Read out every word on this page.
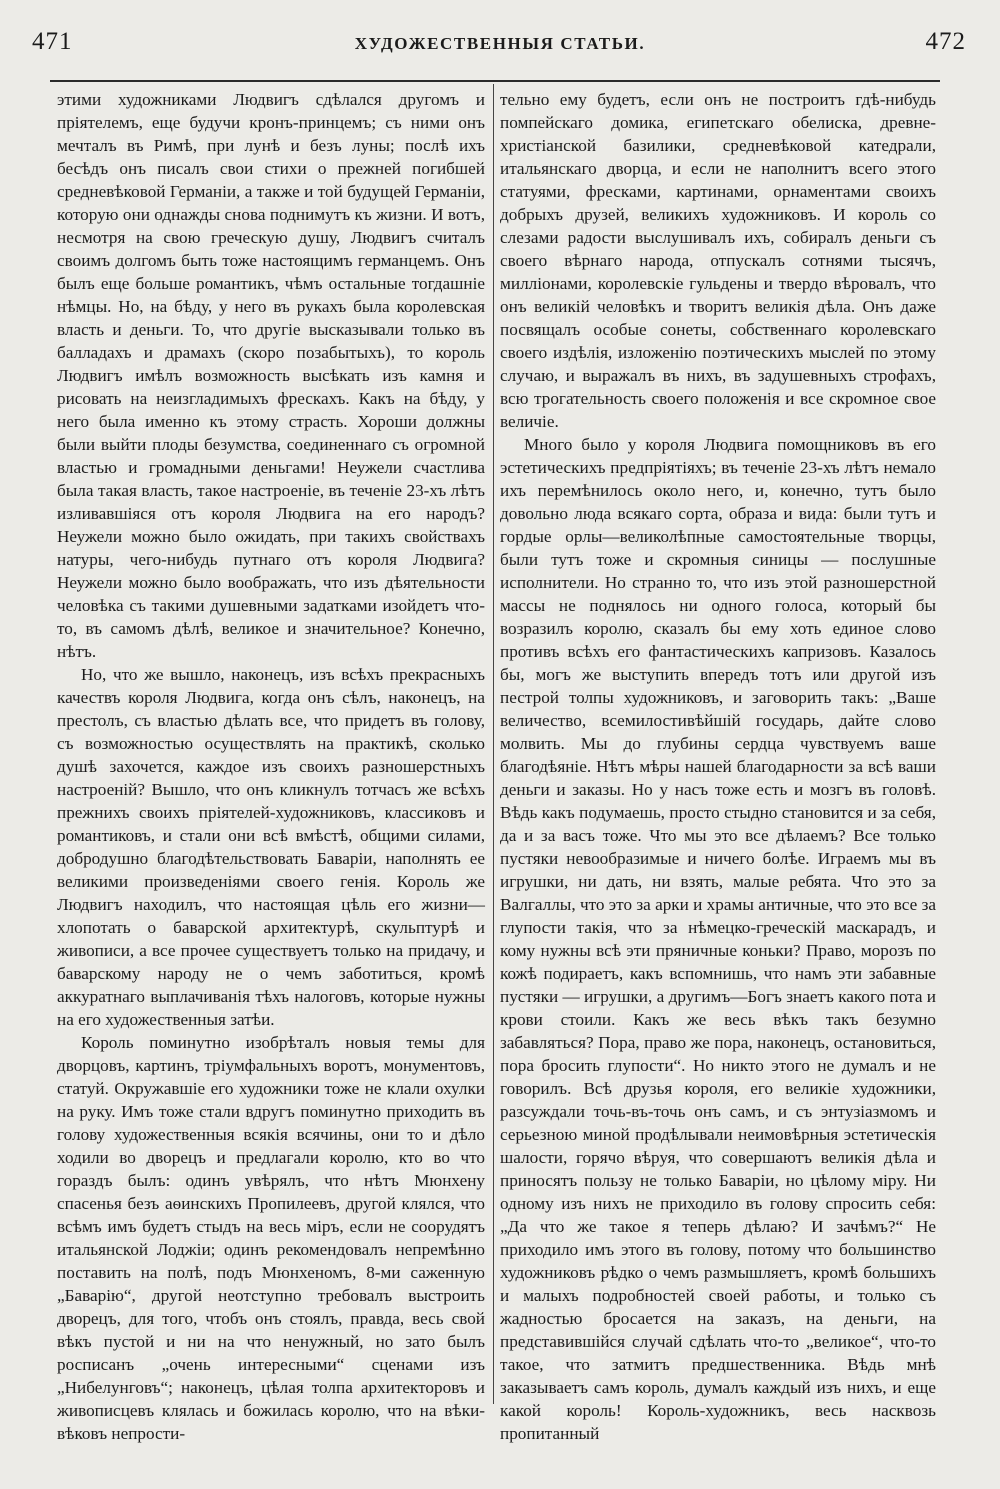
471	ХУДОЖЕСТВЕННЫЯ СТАТЬИ.	472

этими художниками Людвигъ сдѣлался другомъ и пріятелемъ, еще будучи кронъ-принцемъ; съ ними онъ мечталъ въ Римѣ, при лунѣ и безъ луны; послѣ ихъ бесѣдъ онъ писалъ свои стихи о прежней погибшей средневѣковой Германіи, а также и той будущей Германіи, которую они однажды снова поднимутъ къ жизни. И вотъ, несмотря на свою греческую душу, Людвигъ считалъ своимъ долгомъ быть тоже настоящимъ германцемъ. Онъ былъ еще больше романтикъ, чѣмъ остальные тогдашніе нѣмцы. Но, на бѣду, у него въ рукахъ была королевская власть и деньги. То, что другіе высказывали только въ балладахъ и драмахъ (скоро позабытыхъ), то король Людвигъ имѣлъ возможность высѣкать изъ камня и рисовать на неизгладимыхъ фрескахъ. Какъ на бѣду, у него была именно къ этому страсть. Хороши должны были выйти плоды безумства, соединеннаго съ огромной властью и громадными деньгами! Неужели счастлива была такая власть, такое настроеніе, въ теченіе 23-хъ лѣтъ изливавшіяся отъ короля Людвига на его народъ? Неужели можно было ожидать, при такихъ свойствахъ натуры, чего-нибудь путнаго отъ короля Людвига? Неужели можно было воображать, что изъ дѣятельности человѣка съ такими душевными задатками изойдетъ что-то, въ самомъ дѣлѣ, великое и значительное? Конечно, нѣтъ.

Но, что же вышло, наконецъ, изъ всѣхъ прекрасныхъ качествъ короля Людвига, когда онъ сѣлъ, наконецъ, на престолъ, съ властью дѣлать все, что придетъ въ голову, съ возможностью осуществлять на практикѣ, сколько душѣ захочется, каждое изъ своихъ разношерстныхъ настроеній? Вышло, что онъ кликнулъ тотчасъ же всѣхъ прежнихъ своихъ пріятелей-художниковъ, классиковъ и романтиковъ, и стали они всѣ вмѣстѣ, общими силами, добродушно благодѣтельствовать Баваріи, наполнять ее великими произведеніями своего генія. Король же Людвигъ находилъ, что настоящая цѣль его жизни—хлопотать о баварской архитектурѣ, скульптурѣ и живописи, а все прочее существуетъ только на придачу, и баварскому народу не о чемъ заботиться, кромѣ аккуратнаго выплачиванія тѣхъ налоговъ, которые нужны на его художественныя затѣи.

Король поминутно изобрѣталъ новыя темы для дворцовъ, картинъ, тріумфальныхъ воротъ, монументовъ, статуй. Окружавшіе его художники тоже не клали охулки на руку. Имъ тоже стали вдругъ поминутно приходить въ голову художественныя всякія всячины, они то и дѣло ходили во дворецъ и предлагали королю, кто во что гораздъ былъ: одинъ увѣрялъ, что нѣтъ Мюнхену спасенья безъ аѳинскихъ Пропилеевъ, другой клялся, что всѣмъ имъ будетъ стыдъ на весь міръ, если не соорудятъ итальянской Лоджіи; одинъ рекомендовалъ непремѣнно поставить на полѣ, подъ Мюнхеномъ, 8-ми саженную „Баварію“, другой неотступно требовалъ выстроить дворецъ, для того, чтобъ онъ стоялъ, правда, весь свой вѣкъ пустой и ни на что ненужный, но зато былъ росписанъ „очень интересными“ сценами изъ „Нибелунговъ“; наконецъ, цѣлая толпа архитекторовъ и живописцевъ клялась и божилась королю, что на вѣки-вѣковъ непрости-

тельно ему будетъ, если онъ не построитъ гдѣ-нибудь помпейскаго домика, египетскаго обелиска, древне-христіанской базилики, средневѣковой катедрали, итальянскаго дворца, и если не наполнитъ всего этого статуями, фресками, картинами, орнаментами своихъ добрыхъ друзей, великихъ художниковъ. И король со слезами радости выслушивалъ ихъ, собиралъ деньги съ своего вѣрнаго народа, отпускалъ сотнями тысячъ, милліонами, королевскіе гульдены и твердо вѣровалъ, что онъ великій человѣкъ и творитъ великія дѣла. Онъ даже посвящалъ особые сонеты, собственнаго королевскаго своего издѣлія, изложенію поэтическихъ мыслей по этому случаю, и выражалъ въ нихъ, въ задушевныхъ строфахъ, всю трогательность своего положенія и все скромное свое величіе.

Много было у короля Людвига помощниковъ въ его эстетическихъ предпріятіяхъ; въ теченіе 23-хъ лѣтъ немало ихъ перемѣнилось около него, и, конечно, тутъ было довольно люда всякаго сорта, образа и вида: были тутъ и гордые орлы—великолѣпные самостоятельные творцы, были тутъ тоже и скромныя синицы — послушные исполнители. Но странно то, что изъ этой разношерстной массы не поднялось ни одного голоса, который бы возразилъ королю, сказалъ бы ему хоть единое слово противъ всѣхъ его фантастическихъ капризовъ. Казалось бы, могъ же выступить впередъ тотъ или другой изъ пестрой толпы художниковъ, и заговорить такъ: „Ваше величество, всемилостивѣйшій государь, дайте слово молвить. Мы до глубины сердца чувствуемъ ваше благодѣяніе. Нѣтъ мѣры нашей благодарности за всѣ ваши деньги и заказы. Но у насъ тоже есть и мозгъ въ головѣ. Вѣдь какъ подумаешь, просто стыдно становится и за себя, да и за васъ тоже. Что мы это все дѣлаемъ? Все только пустяки невообразимые и ничего болѣе. Играемъ мы въ игрушки, ни дать, ни взять, малые ребята. Что это за Валгаллы, что это за арки и храмы античные, что это все за глупости такія, что за нѣмецко-греческій маскарадъ, и кому нужны всѣ эти пряничные коньки? Право, морозъ по кожѣ подираетъ, какъ вспомнишь, что намъ эти забавные пустяки — игрушки, а другимъ—Богъ знаетъ какого пота и крови стоили. Какъ же весь вѣкъ такъ безумно забавляться? Пора, право же пора, наконецъ, остановиться, пора бросить глупости“. Но никто этого не думалъ и не говорилъ. Всѣ друзья короля, его великіе художники, разсуждали точь-въ-точь онъ самъ, и съ энтузіазмомъ и серьезною миной продѣлывали неимовѣрныя эстетическія шалости, горячо вѣруя, что совершаютъ великія дѣла и приносятъ пользу не только Баваріи, но цѣлому міру. Ни одному изъ нихъ не приходило въ голову спросить себя: „Да что же такое я теперь дѣлаю? И зачѣмъ?“ Не приходило имъ этого въ голову, потому что большинство художниковъ рѣдко о чемъ размышляетъ, кромѣ большихъ и малыхъ подробностей своей работы, и только съ жадностью бросается на заказъ, на деньги, на представившійся случай сдѣлать что-то „великое“, что-то такое, что затмитъ предшественника. Вѣдь мнѣ заказываетъ самъ король, думалъ каждый изъ нихъ, и еще какой король! Король-художникъ, весь насквозь пропитанный
